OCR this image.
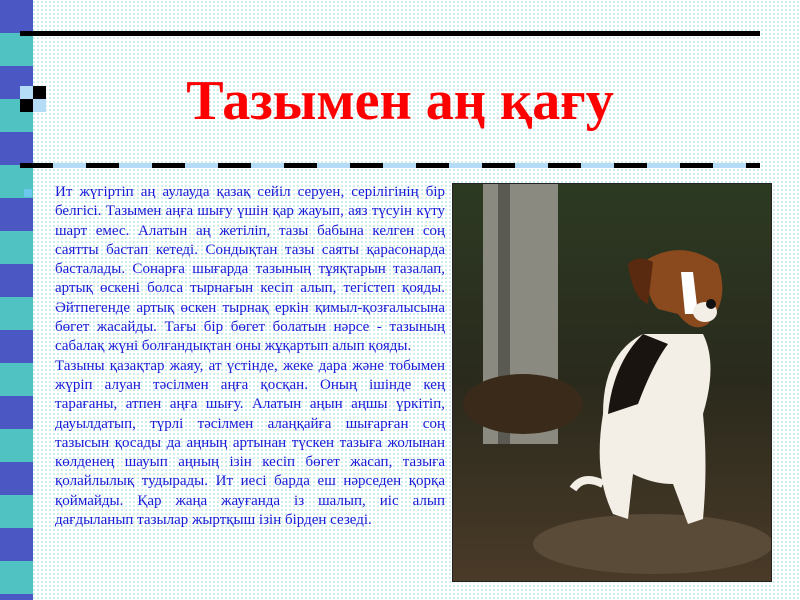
Тазымен аң қағу

Ит жүгіртіп аң аулауда қазақ сейіл серуен, серілігінің бір белгісі. Тазымен аңға шығу үшін қар жауып, аяз түсуін күту шарт емес. Алатын аң жетіліп, тазы бабына келген соң саятты бастап кетеді. Сондықтан тазы саяты қарасонарда басталады. Сонарға шығарда тазының тұяқтарын тазалап, артық өскені болса тырнағын кесіп алып, тегістеп қояды. Әйтпегенде артық өскен тырнақ еркін қимыл-қозғалысына бөгет жасайды. Тағы бір бөгет болатын нәрсе - тазының сабалақ жүні болғандықтан оны жұқартып алып қояды.

Тазыны қазақтар жаяу, ат үстінде, жеке дара және тобымен жүріп алуан тәсілмен аңға қосқан. Оның ішінде кең тарағаны, атпен аңға шығу. Алатын аңын аңшы үркітіп, дауылдатып, түрлі тәсілмен алаңқайға шығарған соң тазысын қосады да аңның артынан түскен тазыға жолынан көлденең шауып аңның ізін кесіп бөгет жасап, тазыға қолайлылық тудырады. Ит иесі барда еш нәрседен қорқа қоймайды. Қар жаңа жауғанда із шалып, иіс алып дағдыланып тазылар жыртқыш ізін бірден сезеді.
